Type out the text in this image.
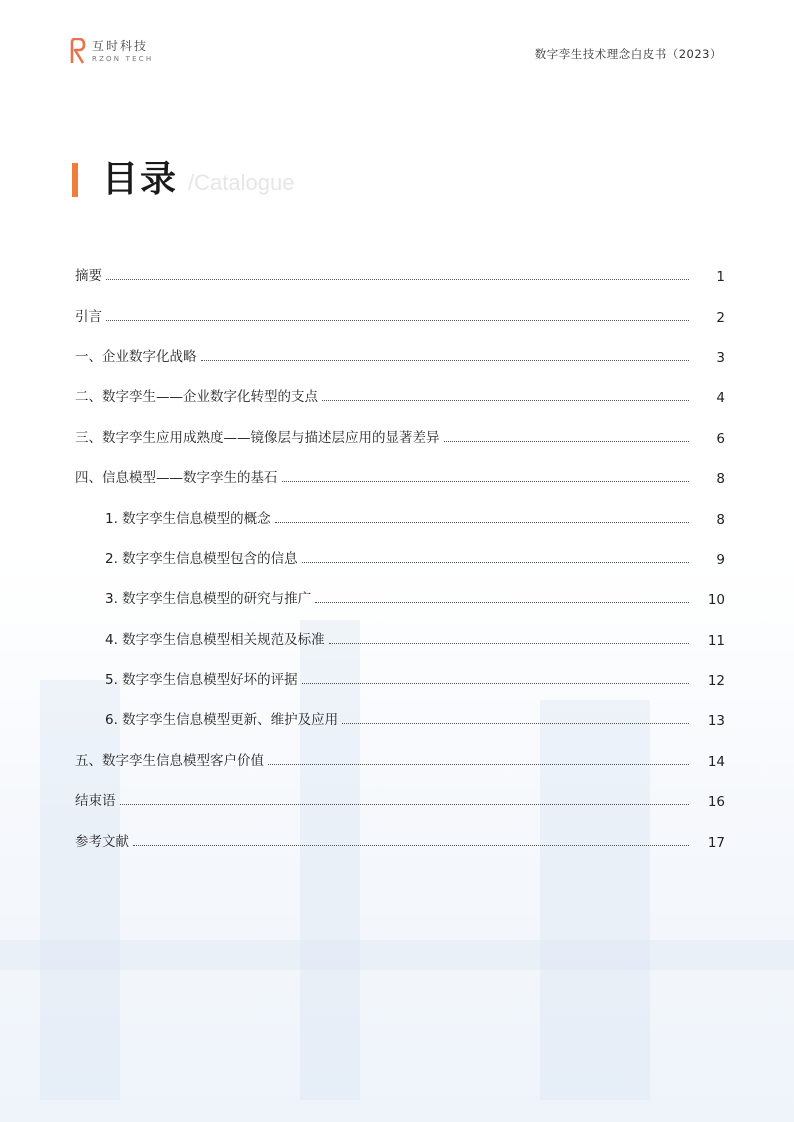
互时科技
RZON TECH	数字孪生技术理念白皮书（2023）
目录 /Catalogue
摘要	1
引言	2
一、企业数字化战略	3
二、数字孪生——企业数字化转型的支点	4
三、数字孪生应用成熟度——镜像层与描述层应用的显著差异	6
四、信息模型——数字孪生的基石	8
1. 数字孪生信息模型的概念	8
2. 数字孪生信息模型包含的信息	9
3. 数字孪生信息模型的研究与推广	10
4. 数字孪生信息模型相关规范及标准	11
5. 数字孪生信息模型好坏的评据	12
6. 数字孪生信息模型更新、维护及应用	13
五、数字孪生信息模型客户价值	14
结束语	16
参考文献	17
